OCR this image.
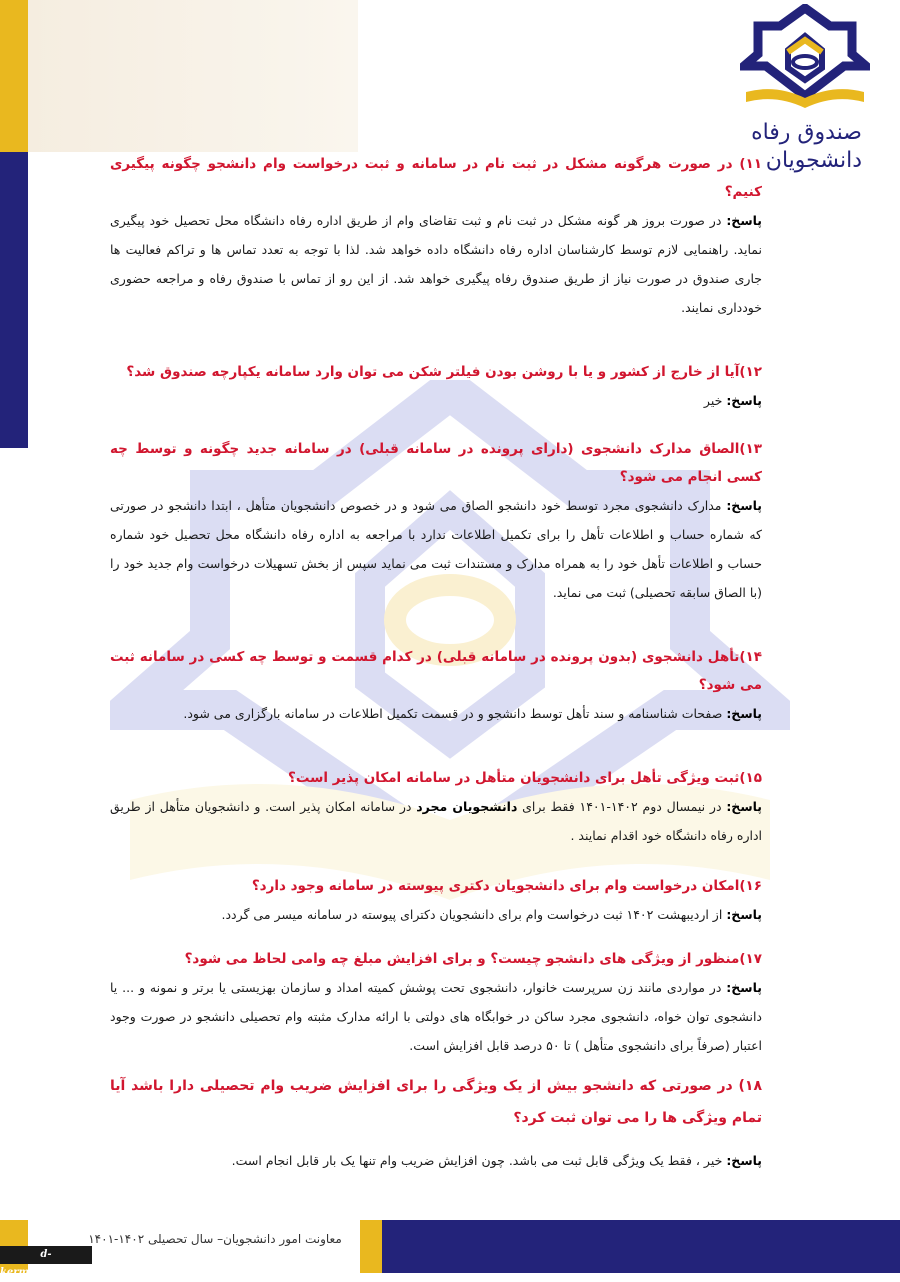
صندوق رفاه
دانشجویان

۱۱) در صورت هرگونه مشکل در ثبت نام در سامانه و ثبت درخواست وام دانشجو چگونه پیگیری کنیم؟

پاسخ: در صورت بروز هر گونه مشکل در ثبت نام و ثبت تقاضای وام از طریق اداره رفاه دانشگاه محل تحصیل خود پیگیری نماید. راهنمایی لازم توسط کارشناسان اداره رفاه دانشگاه داده خواهد شد. لذا با توجه به تعدد تماس ها و تراکم فعالیت ها جاری صندوق در صورت نیاز از طریق صندوق رفاه پیگیری خواهد شد. از این رو از تماس با صندوق رفاه و مراجعه حضوری خودداری نمایند.

۱۲)آیا از خارج از کشور و یا با روشن بودن فیلتر شکن می توان وارد سامانه یکپارچه صندوق شد؟

پاسخ: خیر

۱۳)الصاق مدارک دانشجوی (دارای پرونده در سامانه قبلی) در سامانه جدید چگونه و توسط چه کسی انجام می شود؟

پاسخ: مدارک دانشجوی مجرد توسط خود دانشجو الصاق می شود و در خصوص دانشجویان متأهل ، ابتدا دانشجو در صورتی که شماره حساب و اطلاعات تأهل را برای تکمیل اطلاعات ندارد با مراجعه به اداره رفاه دانشگاه محل تحصیل خود شماره حساب و اطلاعات تأهل خود را به همراه مدارک و مستندات ثبت می نماید سپس از بخش تسهیلات درخواست وام جدید خود را (با الصاق سابقه تحصیلی) ثبت می نماید.

۱۴)تأهل دانشجوی (بدون پرونده در سامانه قبلی) در کدام قسمت و توسط چه کسی در سامانه ثبت می شود؟

پاسخ: صفحات شناسنامه و سند تأهل توسط دانشجو و در قسمت تکمیل اطلاعات در سامانه بارگزاری می شود.

۱۵)ثبت ویژگی تأهل برای دانشجویان متأهل در سامانه امکان پذیر است؟

پاسخ: در نیمسال دوم ۱۴۰۲-۱۴۰۱ فقط برای دانشجویان مجرد در سامانه امکان پذیر است. و دانشجویان متأهل از طریق اداره رفاه دانشگاه خود اقدام نمایند .

۱۶)امکان درخواست وام برای دانشجویان دکتری پیوسته در سامانه وجود دارد؟

پاسخ: از اردیبهشت ۱۴۰۲ ثبت درخواست وام برای دانشجویان دکترای پیوسته در سامانه میسر می گردد.

۱۷)منظور از ویژگی های دانشجو چیست؟ و برای افزایش مبلغ چه وامی لحاظ می شود؟

پاسخ: در مواردی مانند زن سرپرست خانوار، دانشجوی تحت پوشش کمیته امداد و سازمان بهزیستی یا برتر و نمونه و ... یا دانشجوی توان خواه، دانشجوی مجرد ساکن در خوابگاه های دولتی با ارائه مدارک مثبته وام تحصیلی دانشجو در صورت وجود اعتبار (صرفاً برای دانشجوی متأهل ) تا ۵۰ درصد قابل افزایش است.

۱۸) در صورتی که دانشجو بیش از یک ویژگی را برای افزایش ضریب وام تحصیلی دارا باشد آیا تمام ویژگی ها را می توان ثبت کرد؟

پاسخ: خیر ، فقط یک ویژگی قابل ثبت می باشد. چون افزایش ضریب وام تنها یک بار قابل انجام است.

معاونت امور دانشجویان– سال تحصیلی ۱۴۰۲-۱۴۰۱
d-kerman.nus.ac.ir
